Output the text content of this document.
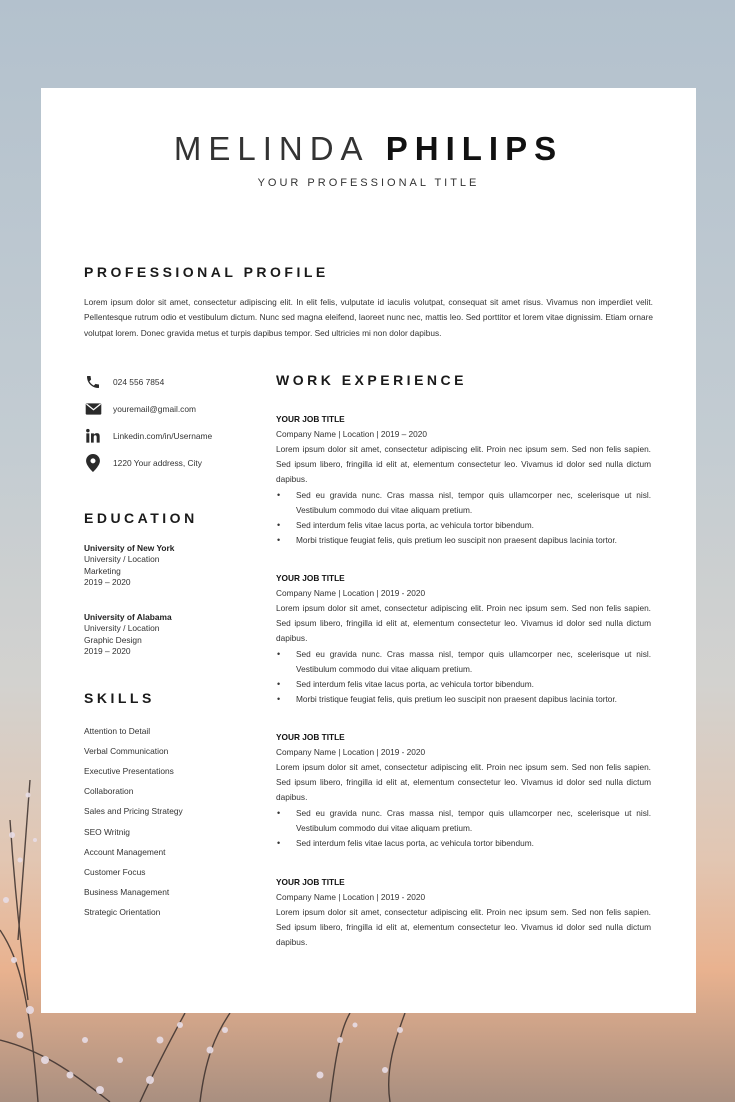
MELINDA PHILIPS
YOUR PROFESSIONAL TITLE
PROFESSIONAL PROFILE
Lorem ipsum dolor sit amet, consectetur adipiscing elit. In elit felis, vulputate id iaculis volutpat, consequat sit amet risus. Vivamus non imperdiet velit. Pellentesque rutrum odio et vestibulum dictum. Nunc sed magna eleifend, laoreet nunc nec, mattis leo. Sed porttitor et lorem vitae dignissim. Etiam ornare volutpat lorem. Donec gravida metus et turpis dapibus tempor. Sed ultricies mi non dolor dapibus.
024 556 7854
youremail@gmail.com
Linkedin.com/in/Username
1220 Your address, City
EDUCATION
University of New York
University / Location
Marketing
2019 – 2020
University of Alabama
University / Location
Graphic Design
2019 – 2020
SKILLS
Attention to Detail
Verbal Communication
Executive Presentations
Collaboration
Sales and Pricing Strategy
SEO Writnig
Account Management
Customer Focus
Business Management
Strategic Orientation
WORK EXPERIENCE
YOUR JOB TITLE
Company Name | Location | 2019 – 2020
Lorem ipsum dolor sit amet, consectetur adipiscing elit. Proin nec ipsum sem. Sed non felis sapien. Sed ipsum libero, fringilla id elit at, elementum consectetur leo. Vivamus id dolor sed nulla dictum dapibus.
• Sed eu gravida nunc. Cras massa nisl, tempor quis ullamcorper nec, scelerisque ut nisl. Vestibulum commodo dui vitae aliquam pretium.
• Sed interdum felis vitae lacus porta, ac vehicula tortor bibendum.
• Morbi tristique feugiat felis, quis pretium leo suscipit non praesent dapibus lacinia tortor.
YOUR JOB TITLE
Company Name | Location | 2019 - 2020
Lorem ipsum dolor sit amet, consectetur adipiscing elit. Proin nec ipsum sem. Sed non felis sapien. Sed ipsum libero, fringilla id elit at, elementum consectetur leo. Vivamus id dolor sed nulla dictum dapibus.
• Sed eu gravida nunc. Cras massa nisl, tempor quis ullamcorper nec, scelerisque ut nisl. Vestibulum commodo dui vitae aliquam pretium.
• Sed interdum felis vitae lacus porta, ac vehicula tortor bibendum.
• Morbi tristique feugiat felis, quis pretium leo suscipit non praesent dapibus lacinia tortor.
YOUR JOB TITLE
Company Name | Location | 2019 - 2020
Lorem ipsum dolor sit amet, consectetur adipiscing elit. Proin nec ipsum sem. Sed non felis sapien. Sed ipsum libero, fringilla id elit at, elementum consectetur leo. Vivamus id dolor sed nulla dictum dapibus.
• Sed eu gravida nunc. Cras massa nisl, tempor quis ullamcorper nec, scelerisque ut nisl. Vestibulum commodo dui vitae aliquam pretium.
• Sed interdum felis vitae lacus porta, ac vehicula tortor bibendum.
YOUR JOB TITLE
Company Name | Location | 2019 - 2020
Lorem ipsum dolor sit amet, consectetur adipiscing elit. Proin nec ipsum sem. Sed non felis sapien. Sed ipsum libero, fringilla id elit at, elementum consectetur leo. Vivamus id dolor sed nulla dictum dapibus.
